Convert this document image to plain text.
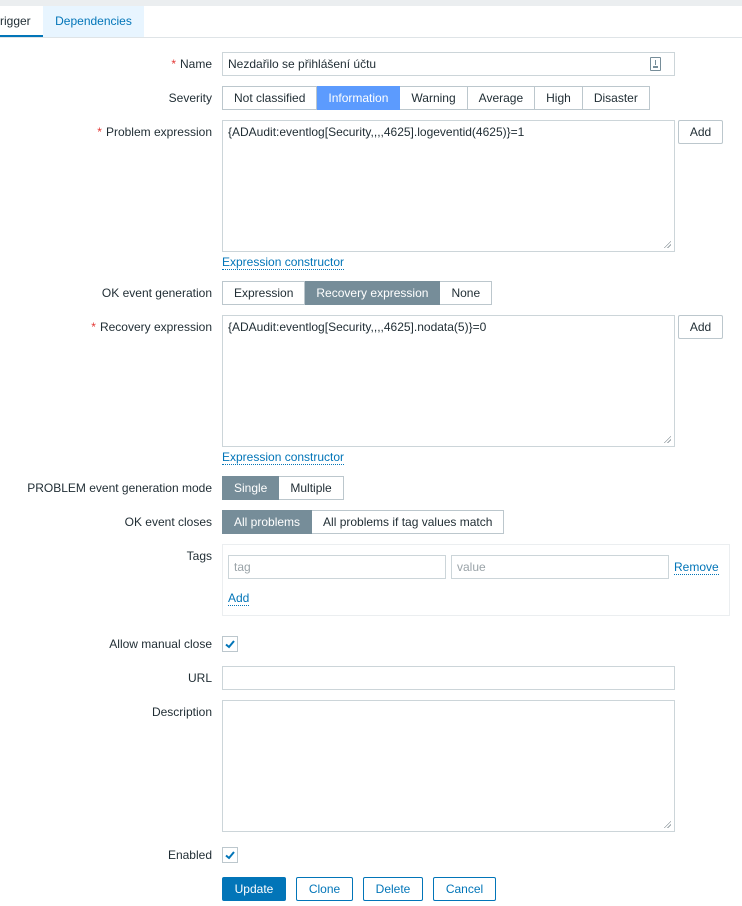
rigger	Dependencies
* Name	Nezdařilo se přihlášení účtu
Severity	Not classified	Information	Warning	Average	High	Disaster
* Problem expression	{ADAudit:eventlog[Security,,,,4625].logeventid(4625)}=1	Add
Expression constructor
OK event generation	Expression	Recovery expression	None
* Recovery expression	{ADAudit:eventlog[Security,,,,4625].nodata(5)}=0	Add
Expression constructor
PROBLEM event generation mode	Single	Multiple
OK event closes	All problems	All problems if tag values match
Tags
tag	value	Remove
Add
Allow manual close
URL
Description
Enabled
Update	Clone	Delete	Cancel
